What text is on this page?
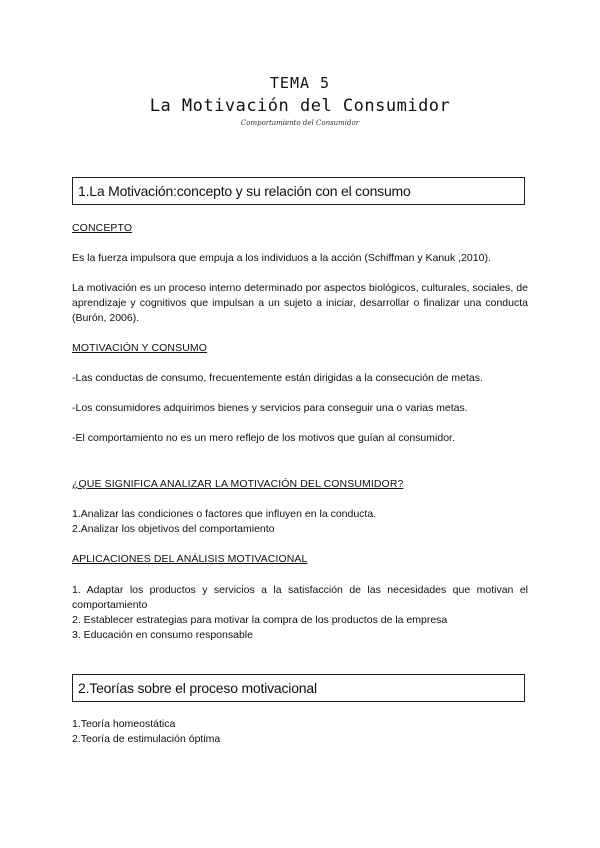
TEMA 5
La Motivación del Consumidor
Comportamiento del Consumidor
1.La Motivación:concepto y su relación con el consumo
CONCEPTO

Es la fuerza impulsora que empuja a los individuos a la acción (Schiffman y Kanuk ,2010).

La motivación es un proceso interno determinado por aspectos biológicos, culturales, sociales, de aprendizaje y cognitivos que impulsan a un sujeto a iniciar, desarrollar o finalizar una conducta (Burón, 2006).

MOTIVACIÓN Y CONSUMO

-Las conductas de consumo, frecuentemente están dirigidas a la consecución de metas.

-Los consumidores adquirimos bienes y servicios para conseguir una o varias metas.

-El comportamiento no es un mero reflejo de los motivos que guían al consumidor.

¿QUE SIGNIFICA ANALIZAR LA MOTIVACIÓN DEL CONSUMIDOR?

1.Analizar las condiciones o factores que influyen en la conducta.

2.Analizar los objetivos del comportamiento

APLICACIONES DEL ANÁLISIS MOTIVACIONAL

1. Adaptar los productos y servicios a la satisfacción de las necesidades que motivan el comportamiento

2. Establecer estrategias para motivar la compra de los productos de la empresa

3. Educación en consumo responsable

2.Teorías sobre el proceso motivacional

1.Teoría homeostática

2.Teoría de estimulación óptima
